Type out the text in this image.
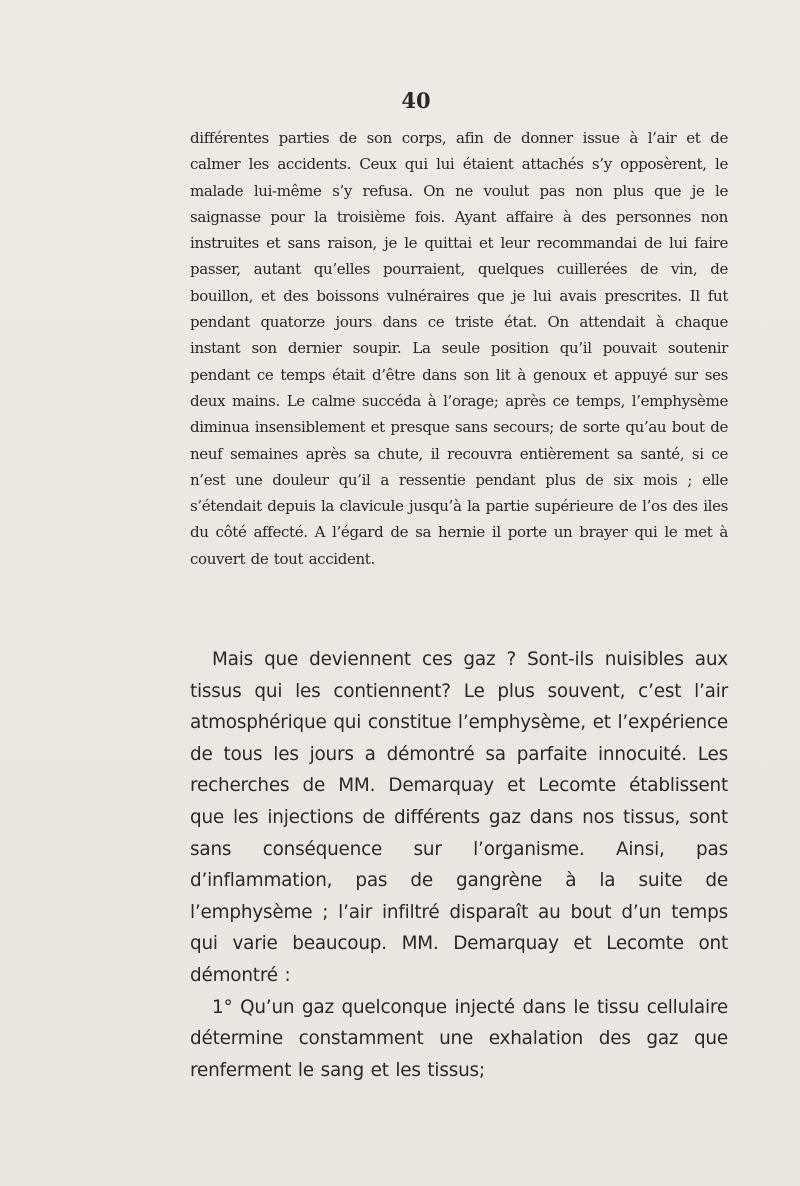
40

différentes parties de son corps, afin de donner issue à l’air et de calmer les accidents. Ceux qui lui étaient attachés s’y opposèrent, le malade lui-même s’y refusa. On ne voulut pas non plus que je le saignasse pour la troisième fois. Ayant affaire à des personnes non instruites et sans raison, je le quittai et leur recommandai de lui faire passer, autant qu’elles pourraient, quelques cuillerées de vin, de bouillon, et des boissons vulnéraires que je lui avais prescrites. Il fut pendant quatorze jours dans ce triste état. On attendait à chaque instant son dernier soupir. La seule position qu’il pouvait soutenir pendant ce temps était d’être dans son lit à genoux et appuyé sur ses deux mains. Le calme succéda à l’orage; après ce temps, l’emphysème diminua insensiblement et presque sans secours; de sorte qu’au bout de neuf semaines après sa chute, il recouvra entièrement sa santé, si ce n’est une douleur qu’il a ressentie pendant plus de six mois ; elle s’étendait depuis la clavicule jusqu’à la partie supérieure de l’os des iles du côté affecté. A l’égard de sa hernie il porte un brayer qui le met à couvert de tout accident.

Mais que deviennent ces gaz ? Sont-ils nuisibles aux tissus qui les contiennent? Le plus souvent, c’est l’air atmosphérique qui constitue l’emphysème, et l’expérience de tous les jours a démontré sa parfaite innocuité. Les recherches de MM. Demarquay et Lecomte établissent que les injections de différents gaz dans nos tissus, sont sans conséquence sur l’organisme. Ainsi, pas d’inflammation, pas de gangrène à la suite de l’emphysème ; l’air infiltré disparaît au bout d’un temps qui varie beaucoup. MM. Demarquay et Lecomte ont démontré :

1° Qu’un gaz quelconque injecté dans le tissu cellulaire détermine constamment une exhalation des gaz que renferment le sang et les tissus;
